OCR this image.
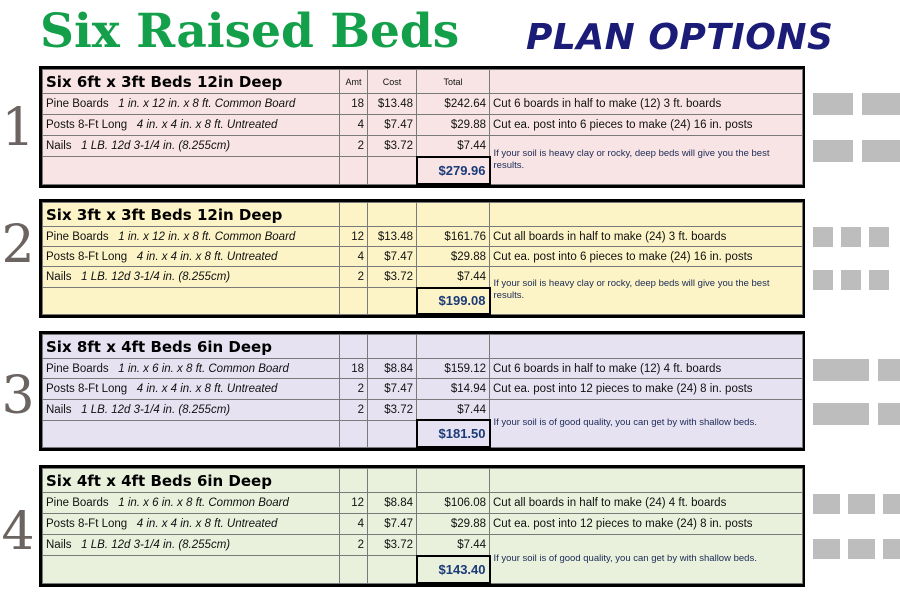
Six Raised Beds PLAN OPTIONS
1
2
3
4
Six 6ft x 3ft Beds 12in Deep	Amt	Cost	Total	
Pine Boards 1 in. x 12 in. x 8 ft. Common Board	18	$13.48	$242.64	Cut 6 boards in half to make (12) 3 ft. boards
Posts 8-Ft Long 4 in. x 4 in. x 8 ft. Untreated	4	$7.47	$29.88	Cut ea. post into 6 pieces to make (24) 16 in. posts
Nails 1 LB. 12d 3-1/4 in. (8.255cm)	2	$3.72	$7.44	If your soil is heavy clay or rocky, deep beds will give you the best results.
			$279.96	
Six 3ft x 3ft Beds 12in Deep				
Pine Boards 1 in. x 12 in. x 8 ft. Common Board	12	$13.48	$161.76	Cut all boards in half to make (24) 3 ft. boards
Posts 8-Ft Long 4 in. x 4 in. x 8 ft. Untreated	4	$7.47	$29.88	Cut ea. post into 6 pieces to make (24) 16 in. posts
Nails 1 LB. 12d 3-1/4 in. (8.255cm)	2	$3.72	$7.44	If your soil is heavy clay or rocky, deep beds will give you the best results.
			$199.08	
Six 8ft x 4ft Beds 6in Deep				
Pine Boards 1 in. x 6 in. x 8 ft. Common Board	18	$8.84	$159.12	Cut 6 boards in half to make (12) 4 ft. boards
Posts 8-Ft Long 4 in. x 4 in. x 8 ft. Untreated	2	$7.47	$14.94	Cut ea. post into 12 pieces to make (24) 8 in. posts
Nails 1 LB. 12d 3-1/4 in. (8.255cm)	2	$3.72	$7.44	If your soil is of good quality, you can get by with shallow beds.
			$181.50	
Six 4ft x 4ft Beds 6in Deep				
Pine Boards 1 in. x 6 in. x 8 ft. Common Board	12	$8.84	$106.08	Cut all boards in half to make (24) 4 ft. boards
Posts 8-Ft Long 4 in. x 4 in. x 8 ft. Untreated	4	$7.47	$29.88	Cut ea. post into 12 pieces to make (24) 8 in. posts
Nails 1 LB. 12d 3-1/4 in. (8.255cm)	2	$3.72	$7.44	If your soil is of good quality, you can get by with shallow beds.
			$143.40	
